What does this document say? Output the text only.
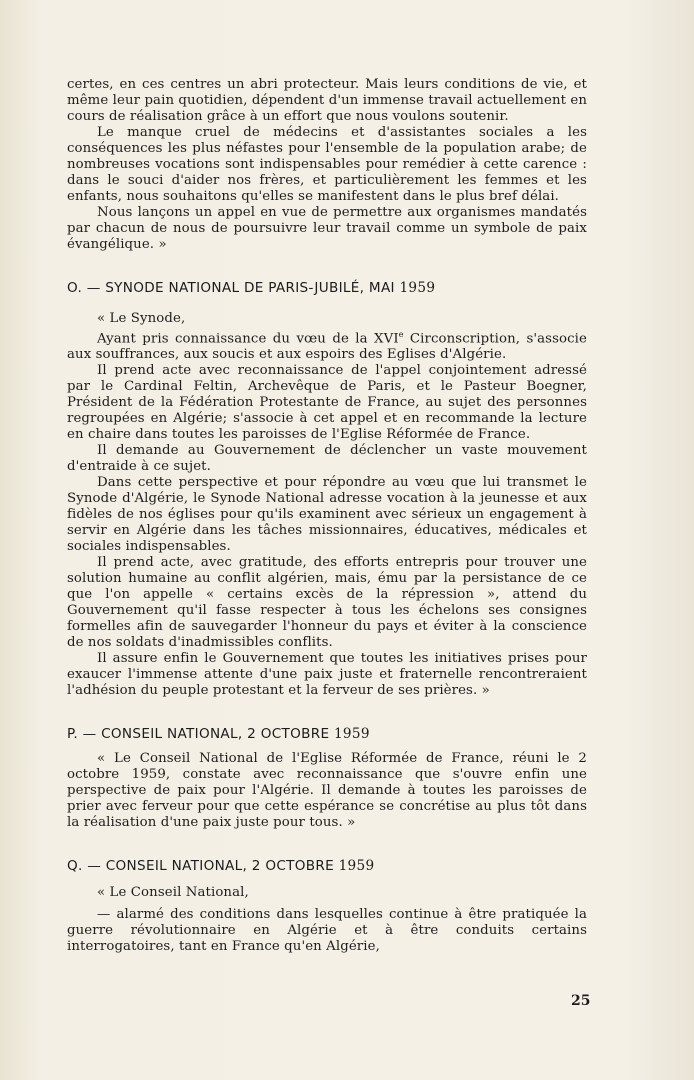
certes, en ces centres un abri protecteur. Mais leurs conditions de vie, et même leur pain quotidien, dépendent d'un immense travail actuellement en cours de réalisation grâce à un effort que nous voulons soutenir.

Le manque cruel de médecins et d'assistantes sociales a les conséquences les plus néfastes pour l'ensemble de la population arabe; de nombreuses vocations sont indispensables pour remédier à cette carence : dans le souci d'aider nos frères, et particulièrement les femmes et les enfants, nous souhaitons qu'elles se manifestent dans le plus bref délai.

Nous lançons un appel en vue de permettre aux organismes mandatés par chacun de nous de poursuivre leur travail comme un symbole de paix évangélique. »

O. — SYNODE NATIONAL DE PARIS-JUBILÉ, MAI 1959

« Le Synode,

Ayant pris connaissance du vœu de la XVIe Circonscription, s'associe aux souffrances, aux soucis et aux espoirs des Eglises d'Algérie.

Il prend acte avec reconnaissance de l'appel conjointement adressé par le Cardinal Feltin, Archevêque de Paris, et le Pasteur Boegner, Président de la Fédération Protestante de France, au sujet des personnes regroupées en Algérie; s'associe à cet appel et en recommande la lecture en chaire dans toutes les paroisses de l'Eglise Réformée de France.

Il demande au Gouvernement de déclencher un vaste mouvement d'entraide à ce sujet.

Dans cette perspective et pour répondre au vœu que lui transmet le Synode d'Algérie, le Synode National adresse vocation à la jeunesse et aux fidèles de nos églises pour qu'ils examinent avec sérieux un engagement à servir en Algérie dans les tâches missionnaires, éducatives, médicales et sociales indispensables.

Il prend acte, avec gratitude, des efforts entrepris pour trouver une solution humaine au conflit algérien, mais, ému par la persistance de ce que l'on appelle « certains excès de la répression », attend du Gouvernement qu'il fasse respecter à tous les échelons ses consignes formelles afin de sauvegarder l'honneur du pays et éviter à la conscience de nos soldats d'inadmissibles conflits.

Il assure enfin le Gouvernement que toutes les initiatives prises pour exaucer l'immense attente d'une paix juste et fraternelle rencontreraient l'adhésion du peuple protestant et la ferveur de ses prières. »

P. — CONSEIL NATIONAL, 2 OCTOBRE 1959

« Le Conseil National de l'Eglise Réformée de France, réuni le 2 octobre 1959, constate avec reconnaissance que s'ouvre enfin une perspective de paix pour l'Algérie. Il demande à toutes les paroisses de prier avec ferveur pour que cette espérance se concrétise au plus tôt dans la réalisation d'une paix juste pour tous. »

Q. — CONSEIL NATIONAL, 2 OCTOBRE 1959

« Le Conseil National,

— alarmé des conditions dans lesquelles continue à être pratiquée la guerre révolutionnaire en Algérie et à être conduits certains interrogatoires, tant en France qu'en Algérie,

25
